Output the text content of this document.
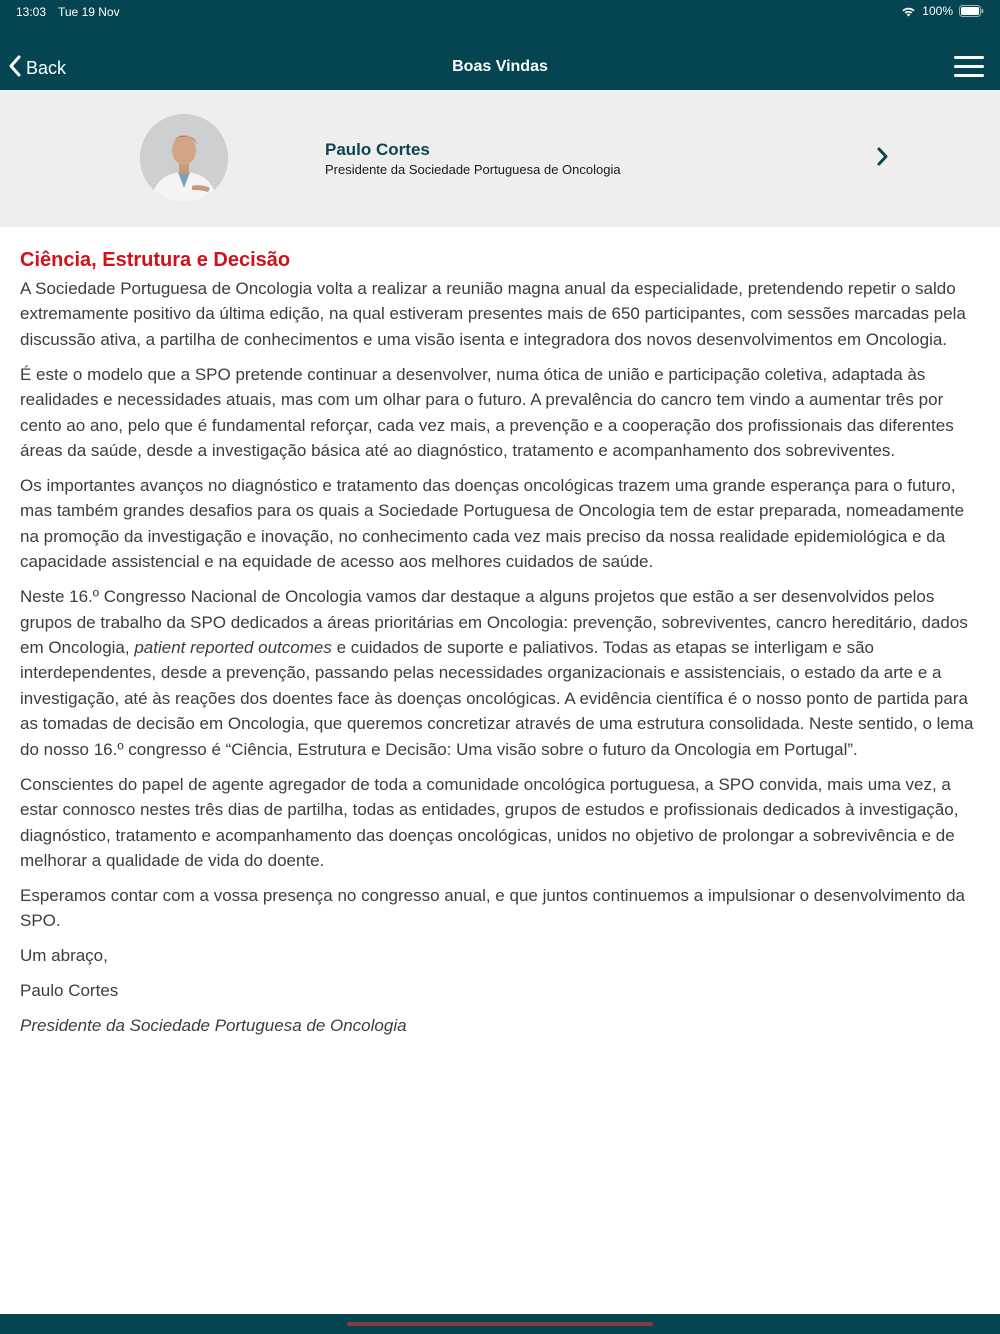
13:03 Tue 19 Nov	100%
Back	Boas Vindas
Paulo Cortes
Presidente da Sociedade Portuguesa de Oncologia
Ciência, Estrutura e Decisão

A Sociedade Portuguesa de Oncologia volta a realizar a reunião magna anual da especialidade, pretendendo repetir o saldo extremamente positivo da última edição, na qual estiveram presentes mais de 650 participantes, com sessões marcadas pela discussão ativa, a partilha de conhecimentos e uma visão isenta e integradora dos novos desenvolvimentos em Oncologia.

É este o modelo que a SPO pretende continuar a desenvolver, numa ótica de união e participação coletiva, adaptada às realidades e necessidades atuais, mas com um olhar para o futuro. A prevalência do cancro tem vindo a aumentar três por cento ao ano, pelo que é fundamental reforçar, cada vez mais, a prevenção e a cooperação dos profissionais das diferentes áreas da saúde, desde a investigação básica até ao diagnóstico, tratamento e acompanhamento dos sobreviventes.

Os importantes avanços no diagnóstico e tratamento das doenças oncológicas trazem uma grande esperança para o futuro, mas também grandes desafios para os quais a Sociedade Portuguesa de Oncologia tem de estar preparada, nomeadamente na promoção da investigação e inovação, no conhecimento cada vez mais preciso da nossa realidade epidemiológica e da capacidade assistencial e na equidade de acesso aos melhores cuidados de saúde.

Neste 16.º Congresso Nacional de Oncologia vamos dar destaque a alguns projetos que estão a ser desenvolvidos pelos grupos de trabalho da SPO dedicados a áreas prioritárias em Oncologia: prevenção, sobreviventes, cancro hereditário, dados em Oncologia, patient reported outcomes e cuidados de suporte e paliativos. Todas as etapas se interligam e são interdependentes, desde a prevenção, passando pelas necessidades organizacionais e assistenciais, o estado da arte e a investigação, até às reações dos doentes face às doenças oncológicas. A evidência científica é o nosso ponto de partida para as tomadas de decisão em Oncologia, que queremos concretizar através de uma estrutura consolidada. Neste sentido, o lema do nosso 16.º congresso é “Ciência, Estrutura e Decisão: Uma visão sobre o futuro da Oncologia em Portugal”.

Conscientes do papel de agente agregador de toda a comunidade oncológica portuguesa, a SPO convida, mais uma vez, a estar connosco nestes três dias de partilha, todas as entidades, grupos de estudos e profissionais dedicados à investigação, diagnóstico, tratamento e acompanhamento das doenças oncológicas, unidos no objetivo de prolongar a sobrevivência e de melhorar a qualidade de vida do doente.

Esperamos contar com a vossa presença no congresso anual, e que juntos continuemos a impulsionar o desenvolvimento da SPO.

Um abraço,

Paulo Cortes

Presidente da Sociedade Portuguesa de Oncologia
